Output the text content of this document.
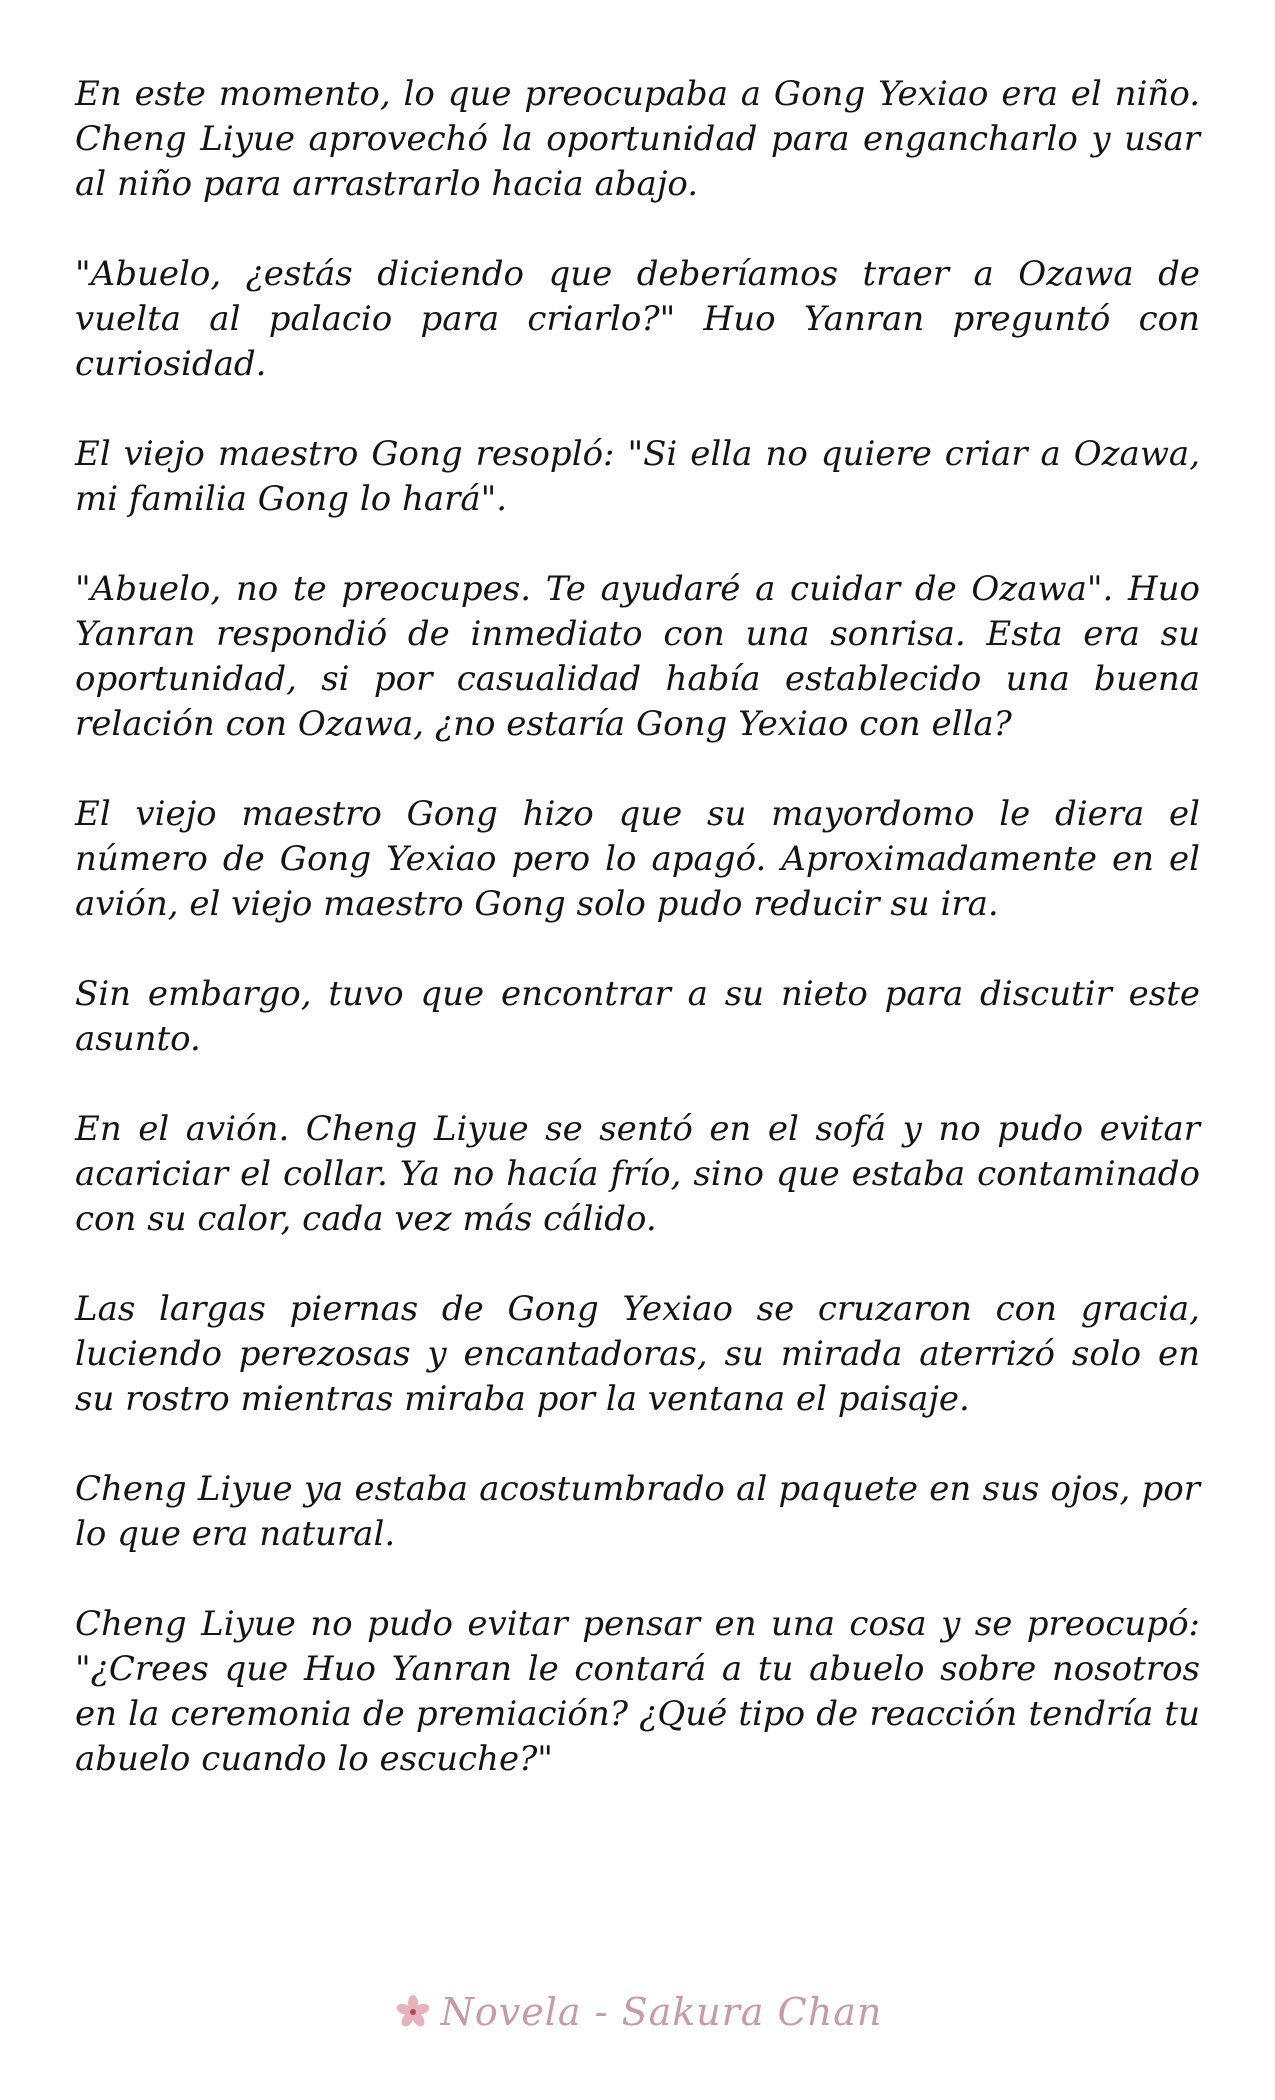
En este momento, lo que preocupaba a Gong Yexiao era el niño. Cheng Liyue aprovechó la oportunidad para engancharlo y usar al niño para arrastrarlo hacia abajo.

"Abuelo, ¿estás diciendo que deberíamos traer a Ozawa de vuelta al palacio para criarlo?" Huo Yanran preguntó con curiosidad.

El viejo maestro Gong resopló: "Si ella no quiere criar a Ozawa, mi familia Gong lo hará".

"Abuelo, no te preocupes. Te ayudaré a cuidar de Ozawa". Huo Yanran respondió de inmediato con una sonrisa. Esta era su oportunidad, si por casualidad había establecido una buena relación con Ozawa, ¿no estaría Gong Yexiao con ella?

El viejo maestro Gong hizo que su mayordomo le diera el número de Gong Yexiao pero lo apagó. Aproximadamente en el avión, el viejo maestro Gong solo pudo reducir su ira.

Sin embargo, tuvo que encontrar a su nieto para discutir este asunto.

En el avión. Cheng Liyue se sentó en el sofá y no pudo evitar acariciar el collar. Ya no hacía frío, sino que estaba contaminado con su calor, cada vez más cálido.

Las largas piernas de Gong Yexiao se cruzaron con gracia, luciendo perezosas y encantadoras, su mirada aterrizó solo en su rostro mientras miraba por la ventana el paisaje.

Cheng Liyue ya estaba acostumbrado al paquete en sus ojos, por lo que era natural.

Cheng Liyue no pudo evitar pensar en una cosa y se preocupó: "¿Crees que Huo Yanran le contará a tu abuelo sobre nosotros en la ceremonia de premiación? ¿Qué tipo de reacción tendría tu abuelo cuando lo escuche?"

Novela - Sakura Chan
